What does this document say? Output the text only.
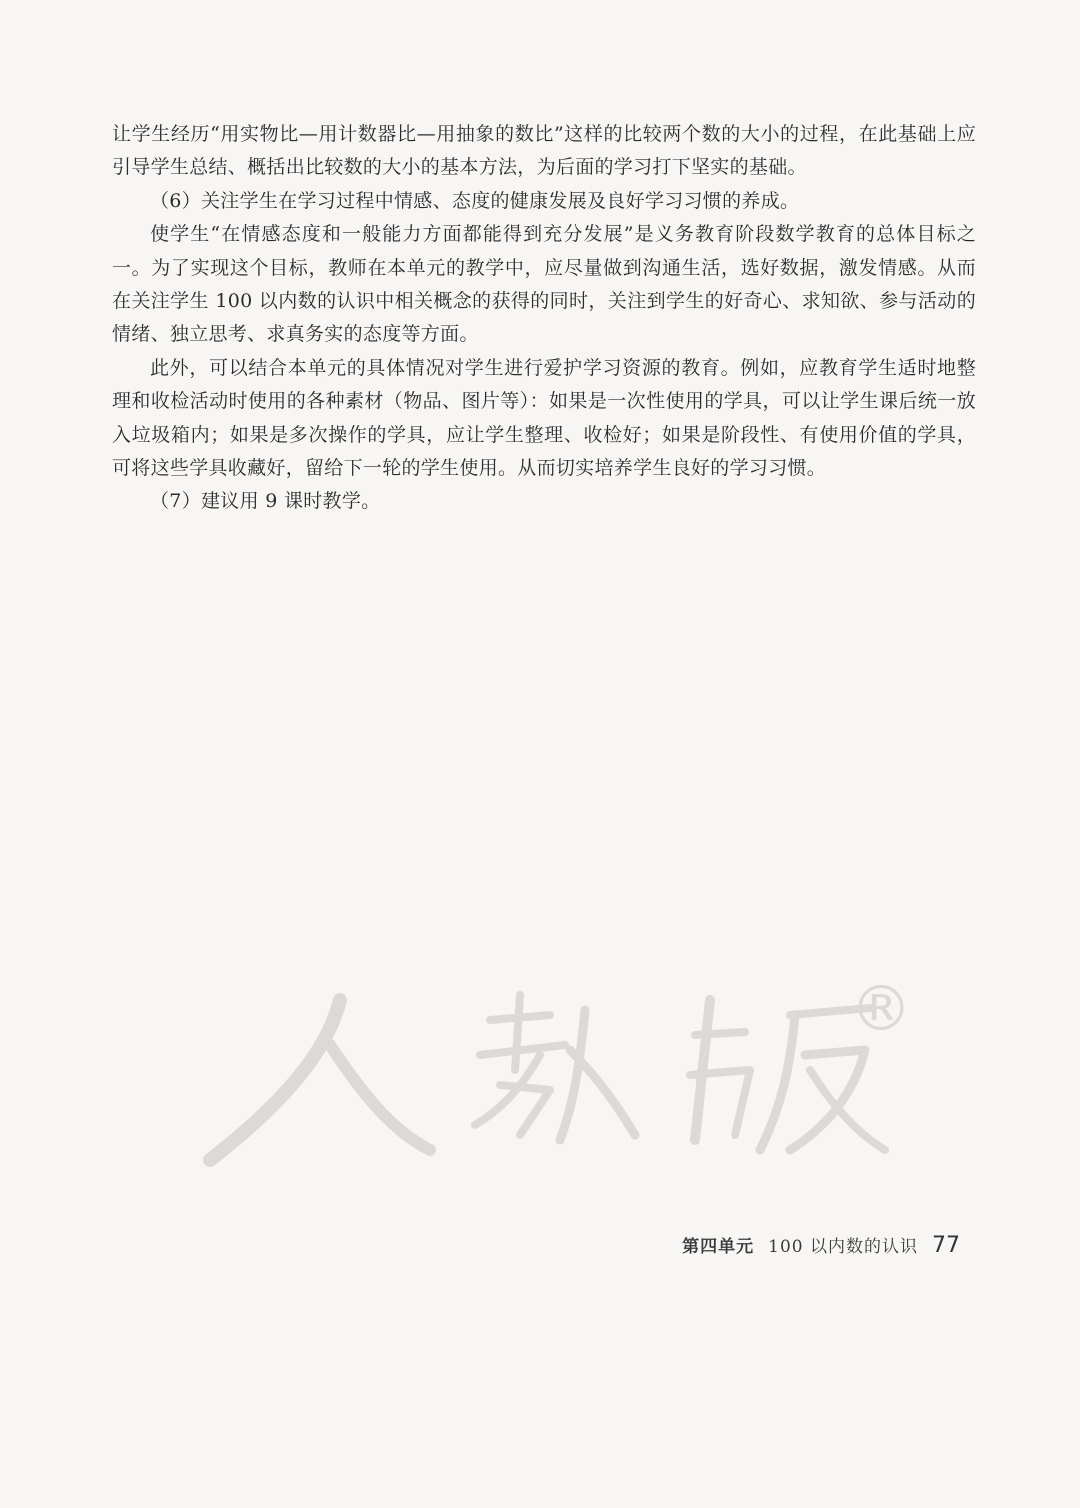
让学生经历“用实物比—用计数器比—用抽象的数比”这样的比较两个数的大小的过程，在此基础上应引导学生总结、概括出比较数的大小的基本方法，为后面的学习打下坚实的基础。

（6）关注学生在学习过程中情感、态度的健康发展及良好学习习惯的养成。

使学生“在情感态度和一般能力方面都能得到充分发展”是义务教育阶段数学教育的总体目标之一。为了实现这个目标，教师在本单元的教学中，应尽量做到沟通生活，选好数据，激发情感。从而在关注学生 100 以内数的认识中相关概念的获得的同时，关注到学生的好奇心、求知欲、参与活动的情绪、独立思考、求真务实的态度等方面。

此外，可以结合本单元的具体情况对学生进行爱护学习资源的教育。例如，应教育学生适时地整理和收检活动时使用的各种素材（物品、图片等）：如果是一次性使用的学具，可以让学生课后统一放入垃圾箱内；如果是多次操作的学具，应让学生整理、收检好；如果是阶段性、有使用价值的学具，可将这些学具收藏好，留给下一轮的学生使用。从而切实培养学生良好的学习习惯。

（7）建议用 9 课时教学。

®
第四单元 100 以内数的认识 77
